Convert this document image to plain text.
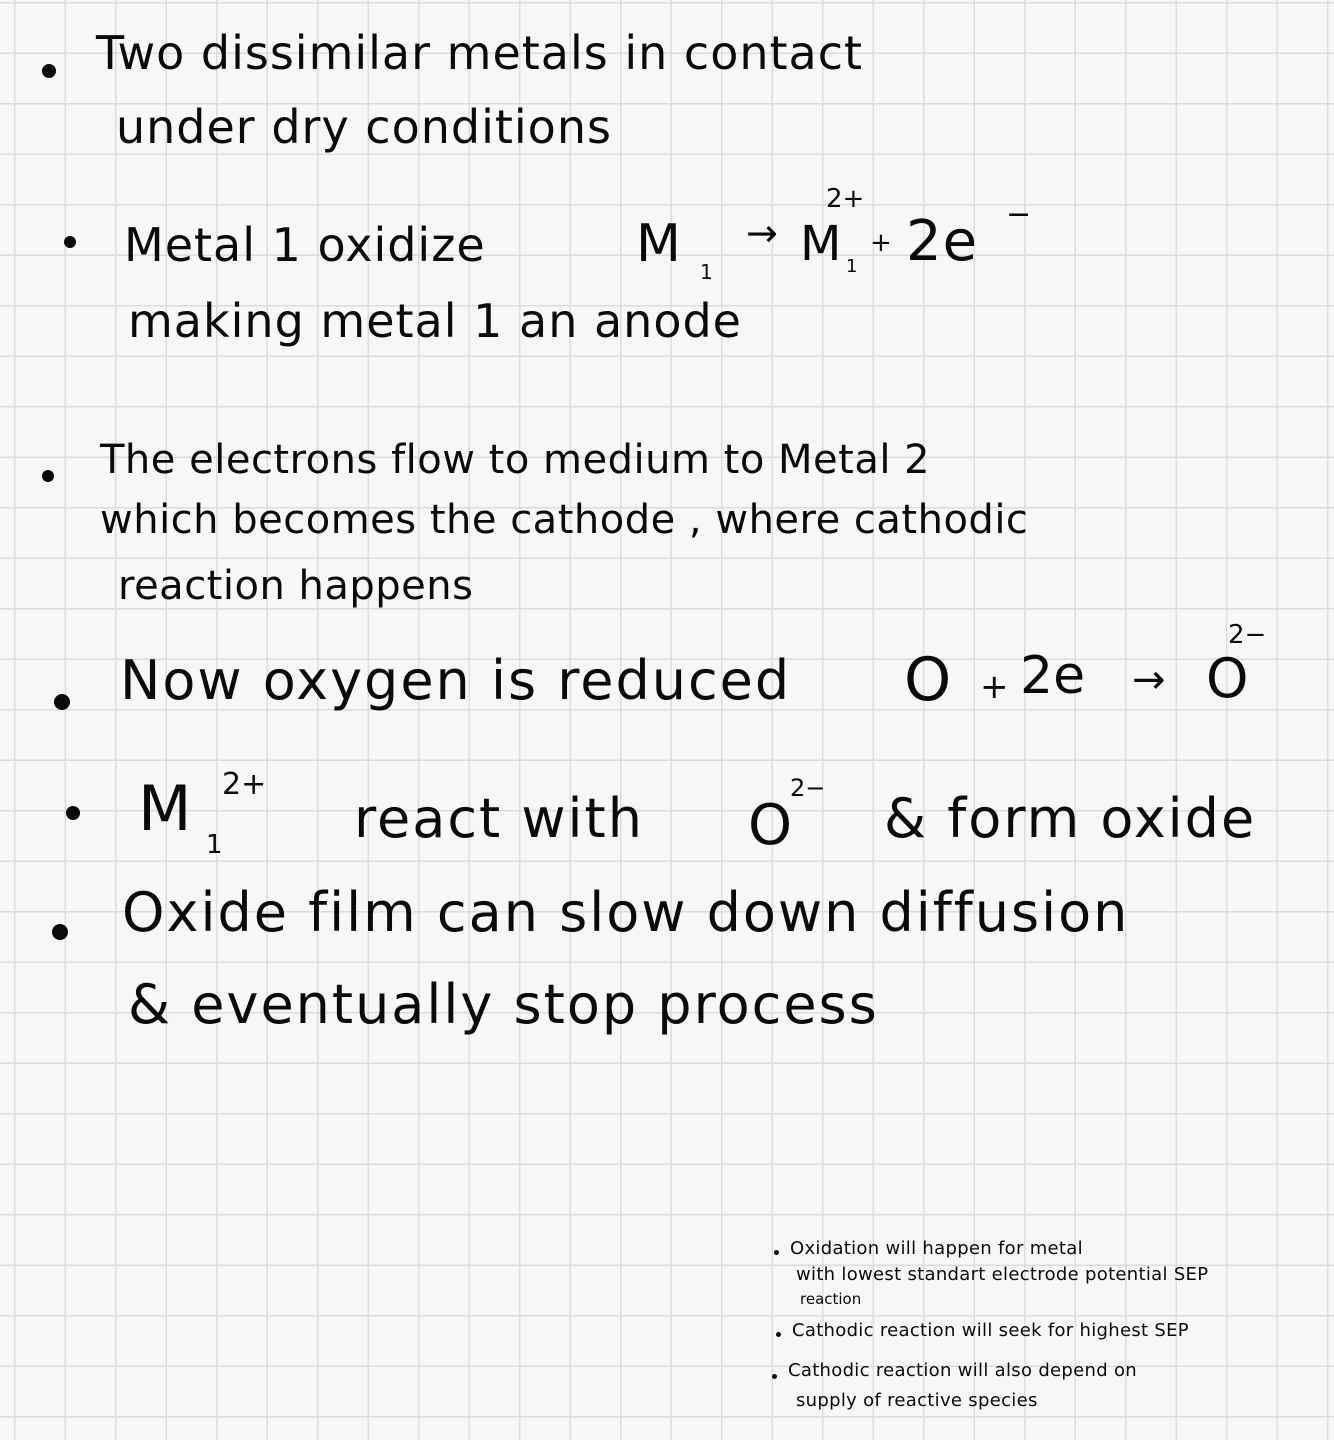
Two dissimilar metals in contact
under dry conditions
Metal 1 oxidize	M 1
→ M 1
2+
+ 2e −
making metal 1 an anode
The electrons flow to medium to Metal 2
which becomes the cathode , where cathodic
reaction happens
Now oxygen is reduced O + 2e → O
2−
M 1
2+
react with O
2− & form oxide
Oxide film can slow down diffusion
& eventually stop process
Oxidation will happen for metal
with lowest standart electrode potential SEP
reaction
Cathodic reaction will seek for highest SEP
Cathodic reaction will also depend on
supply of reactive species
